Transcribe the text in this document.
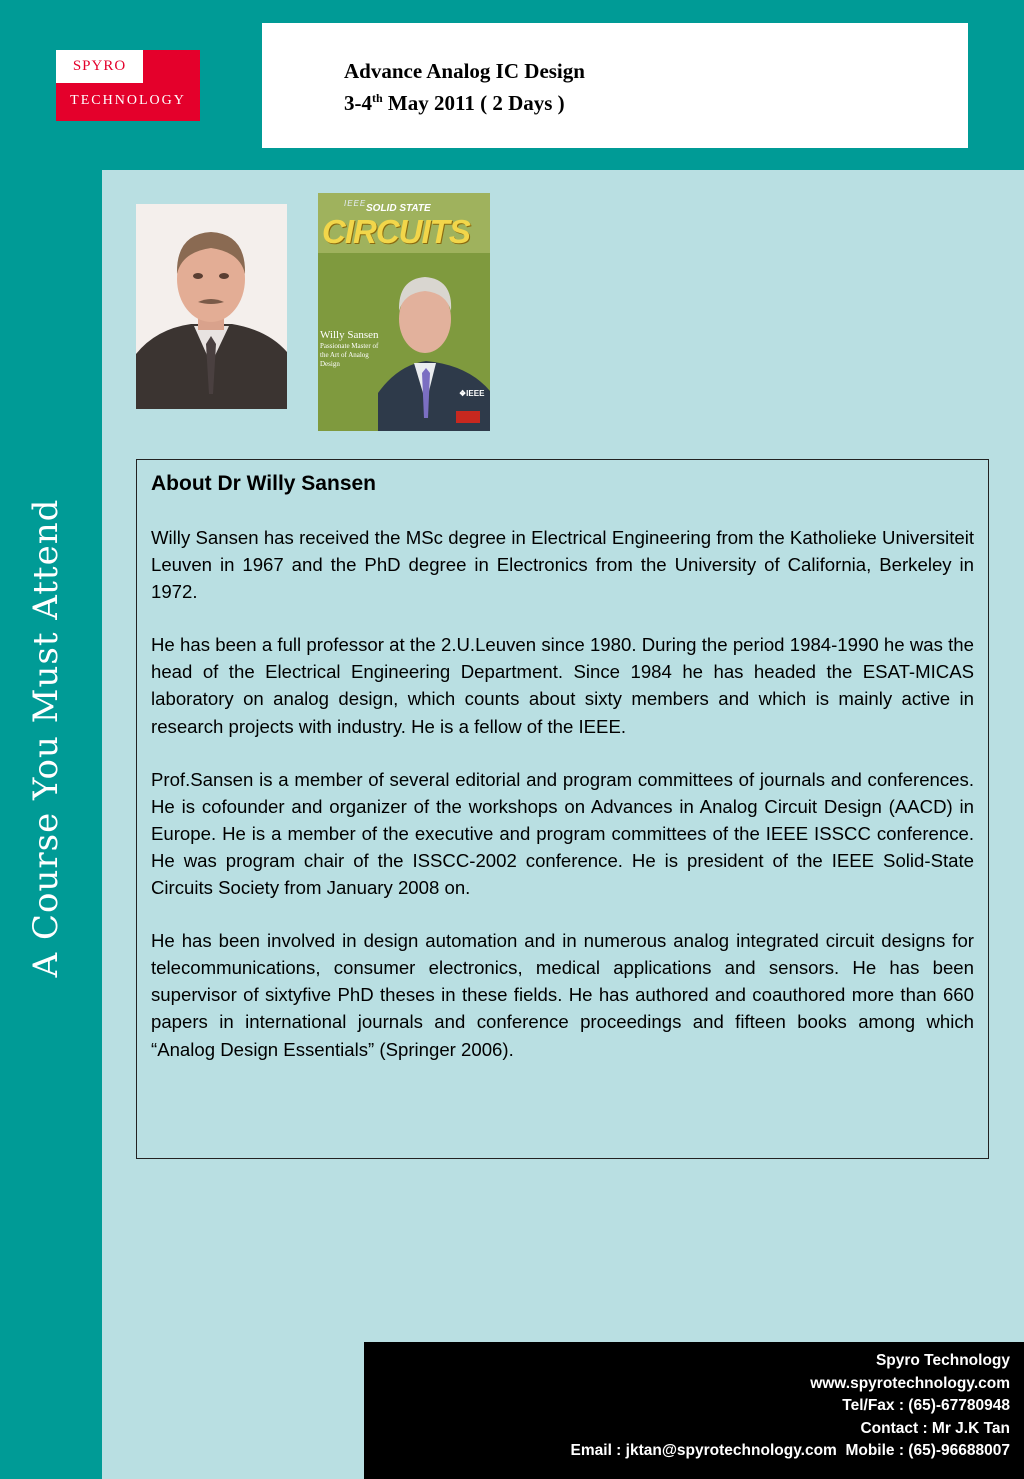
SPYRO
TECHNOLOGY
Advance Analog IC Design
3-4th May 2011 ( 2 Days )
A Course You Must Attend
IEEE SOLID STATE
CIRCUITS
Willy Sansen
Passionate Master of the Art of Analog Design
❖IEEE
About Dr Willy Sansen

Willy Sansen has received the MSc degree in Electrical Engineering from the Katholieke Universiteit Leuven in 1967 and the PhD degree in Electronics from the University of California, Berkeley in 1972.

He has been a full professor at the 2.U.Leuven since 1980. During the period 1984-1990 he was the head of the Electrical Engineering Department. Since 1984 he has headed the ESAT-MICAS laboratory on analog design, which counts about sixty members and which is mainly active in research projects with industry. He is a fellow of the IEEE.

Prof.Sansen is a member of several editorial and program committees of journals and conferences. He is cofounder and organizer of the workshops on Advances in Analog Circuit Design (AACD) in Europe. He is a member of the executive and program committees of the IEEE ISSCC conference. He was program chair of the ISSCC-2002 conference. He is president of the IEEE Solid-State Circuits Society from January 2008 on.

He has been involved in design automation and in numerous analog integrated circuit designs for telecommunications, consumer electronics, medical applications and sensors. He has been supervisor of sixtyfive PhD theses in these fields. He has authored and coauthored more than 660 papers in international journals and conference proceedings and fifteen books among which “Analog Design Essentials” (Springer 2006).

Spyro Technology
www.spyrotechnology.com
Tel/Fax : (65)-67780948
Contact : Mr J.K Tan
Email : jktan@spyrotechnology.com  Mobile : (65)-96688007
